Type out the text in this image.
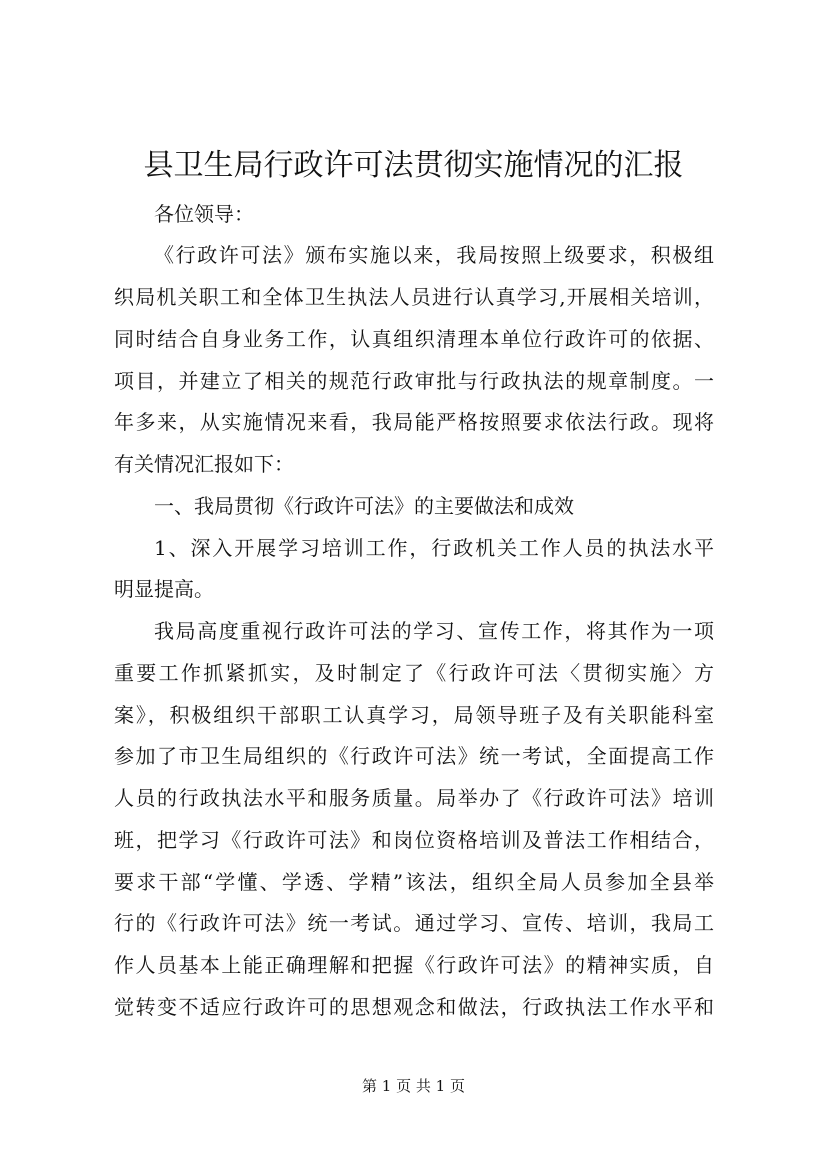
县卫生局行政许可法贯彻实施情况的汇报
各位领导：
《行政许可法》颁布实施以来，我局按照上级要求，积极组
织局机关职工和全体卫生执法人员进行认真学习,开展相关培训，
同时结合自身业务工作，认真组织清理本单位行政许可的依据、
项目，并建立了相关的规范行政审批与行政执法的规章制度。一
年多来，从实施情况来看，我局能严格按照要求依法行政。现将
有关情况汇报如下：
一、我局贯彻《行政许可法》的主要做法和成效
1、深入开展学习培训工作，行政机关工作人员的执法水平
明显提高。
我局高度重视行政许可法的学习、宣传工作，将其作为一项
重要工作抓紧抓实，及时制定了《行政许可法〈贯彻实施〉方
案》，积极组织干部职工认真学习，局领导班子及有关职能科室
参加了市卫生局组织的《行政许可法》统一考试，全面提高工作
人员的行政执法水平和服务质量。局举办了《行政许可法》培训
班，把学习《行政许可法》和岗位资格培训及普法工作相结合，
要求干部“学懂、学透、学精”该法，组织全局人员参加全县举
行的《行政许可法》统一考试。通过学习、宣传、培训，我局工
作人员基本上能正确理解和把握《行政许可法》的精神实质，自
觉转变不适应行政许可的思想观念和做法，行政执法工作水平和
第 1 页 共 1 页
